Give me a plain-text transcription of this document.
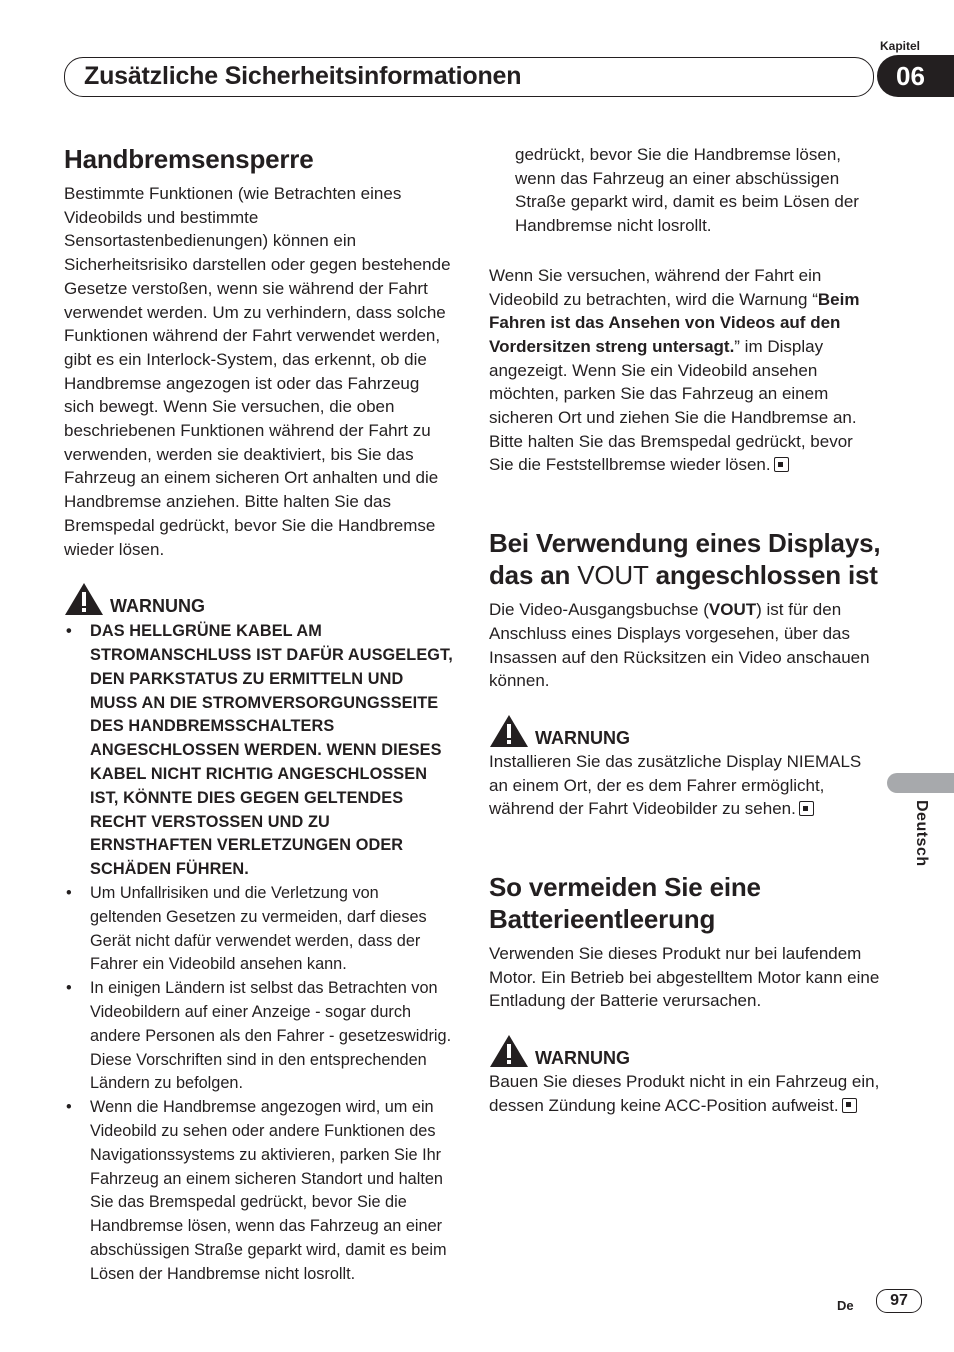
Kapitel
Zusätzliche Sicherheitsinformationen	06
Deutsch
Handbremsensperre

Bestimmte Funktionen (wie Betrachten eines Videobilds und bestimmte Sensortastenbedienungen) können ein Sicherheitsrisiko darstellen oder gegen bestehende Gesetze verstoßen, wenn sie während der Fahrt verwendet werden. Um zu verhindern, dass solche Funktionen während der Fahrt verwendet werden, gibt es ein Interlock-System, das erkennt, ob die Handbremse angezogen ist oder das Fahrzeug sich bewegt. Wenn Sie versuchen, die oben beschriebenen Funktionen während der Fahrt zu verwenden, werden sie deaktiviert, bis Sie das Fahrzeug an einem sicheren Ort anhalten und die Handbremse anziehen. Bitte halten Sie das Bremspedal gedrückt, bevor Sie die Handbremse wieder lösen.

WARNUNG
• DAS HELLGRÜNE KABEL AM STROMANSCHLUSS IST DAFÜR AUSGELEGT, DEN PARKSTATUS ZU ERMITTELN UND MUSS AN DIE STROMVERSORGUNGSSEITE DES HANDBREMSSCHALTERS ANGESCHLOSSEN WERDEN. WENN DIESES KABEL NICHT RICHTIG ANGESCHLOSSEN IST, KÖNNTE DIES GEGEN GELTENDES RECHT VERSTOSSEN UND ZU ERNSTHAFTEN VERLETZUNGEN ODER SCHÄDEN FÜHREN.
• Um Unfallrisiken und die Verletzung von geltenden Gesetzen zu vermeiden, darf dieses Gerät nicht dafür verwendet werden, dass der Fahrer ein Videobild ansehen kann.
• In einigen Ländern ist selbst das Betrachten von Videobildern auf einer Anzeige - sogar durch andere Personen als den Fahrer - gesetzeswidrig. Diese Vorschriften sind in den entsprechenden Ländern zu befolgen.
• Wenn die Handbremse angezogen wird, um ein Videobild zu sehen oder andere Funktionen des Navigationssystems zu aktivieren, parken Sie Ihr Fahrzeug an einem sicheren Standort und halten Sie das Bremspedal gedrückt, bevor Sie die Handbremse lösen, wenn das Fahrzeug an einer abschüssigen Straße geparkt wird, damit es beim Lösen der Handbremse nicht losrollt.

gedrückt, bevor Sie die Handbremse lösen, wenn das Fahrzeug an einer abschüssigen Straße geparkt wird, damit es beim Lösen der Handbremse nicht losrollt.

Wenn Sie versuchen, während der Fahrt ein Videobild zu betrachten, wird die Warnung “Beim Fahren ist das Ansehen von Videos auf den Vordersitzen streng untersagt.” im Display angezeigt. Wenn Sie ein Videobild ansehen möchten, parken Sie das Fahrzeug an einem sicheren Ort und ziehen Sie die Handbremse an. Bitte halten Sie das Bremspedal gedrückt, bevor Sie die Feststellbremse wieder lösen.

Bei Verwendung eines Displays, das an VOUT angeschlossen ist

Die Video-Ausgangsbuchse (VOUT) ist für den Anschluss eines Displays vorgesehen, über das Insassen auf den Rücksitzen ein Video anschauen können.

WARNUNG

Installieren Sie das zusätzliche Display NIEMALS an einem Ort, der es dem Fahrer ermöglicht, während der Fahrt Videobilder zu sehen.

So vermeiden Sie eine Batterieentleerung

Verwenden Sie dieses Produkt nur bei laufendem Motor. Ein Betrieb bei abgestelltem Motor kann eine Entladung der Batterie verursachen.

WARNUNG

Bauen Sie dieses Produkt nicht in ein Fahrzeug ein, dessen Zündung keine ACC-Position aufweist.

De	97
